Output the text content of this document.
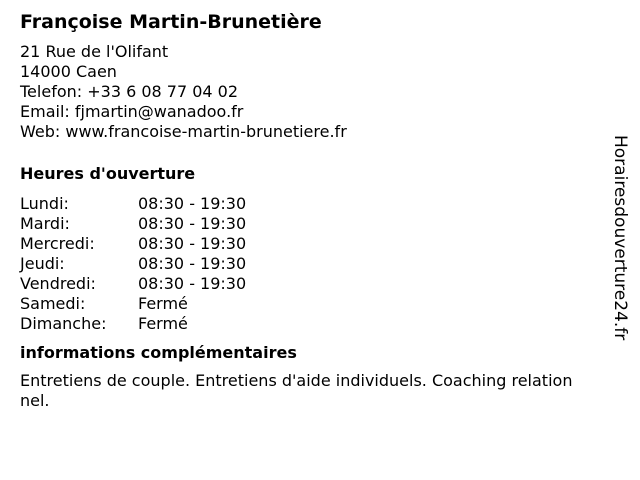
Françoise Martin-Brunetière
21 Rue de l'Olifant
14000 Caen
Telefon: +33 6 08 77 04 02
Email: fjmartin@wanadoo.fr
Web: www.francoise-martin-brunetiere.fr
Heures d'ouverture
Lundi:	08:30 - 19:30
Mardi:	08:30 - 19:30
Mercredi:	08:30 - 19:30
Jeudi:	08:30 - 19:30
Vendredi:	08:30 - 19:30
Samedi:	Fermé
Dimanche:	Fermé
informations complémentaires
Entretiens de couple. Entretiens d'aide individuels. Coaching relationnel.
Horairesdouverture24.fr
